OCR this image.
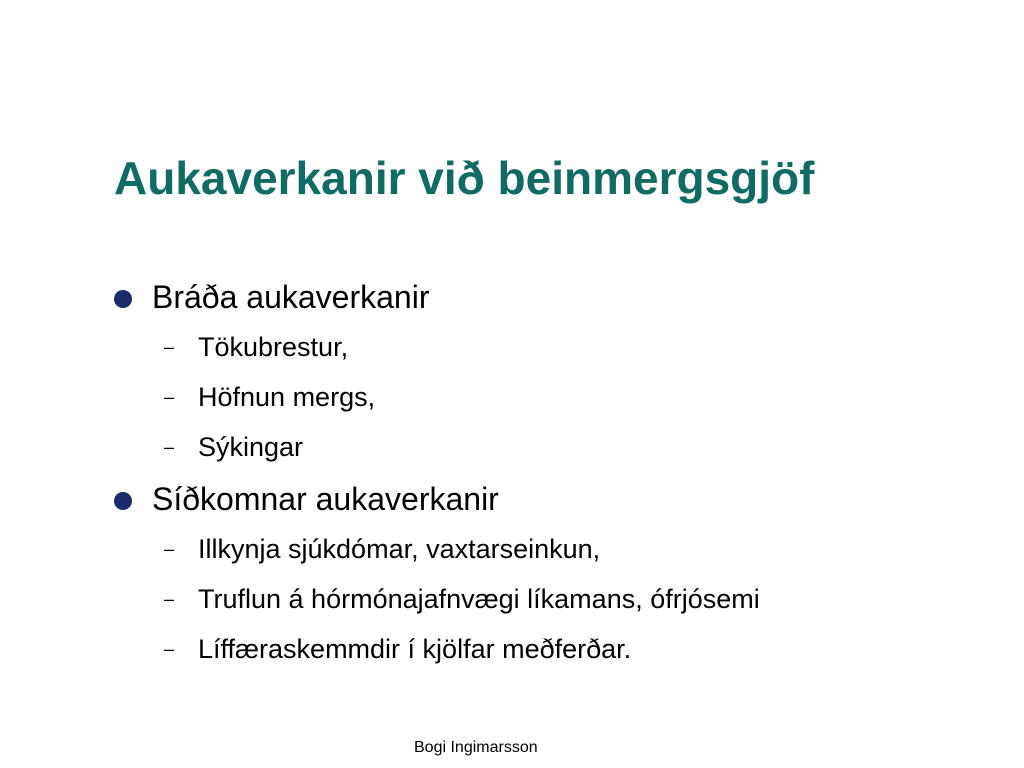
Aukaverkanir við beinmergsgjöf
Bráða aukaverkanir
– Tökubrestur,
– Höfnun mergs,
– Sýkingar
Síðkomnar aukaverkanir
– Illkynja sjúkdómar, vaxtarseinkun,
– Truflun á hórmónajafnvægi líkamans, ófrjósemi
– Líffæraskemmdir í kjölfar meðferðar.
Bogi Ingimarsson
